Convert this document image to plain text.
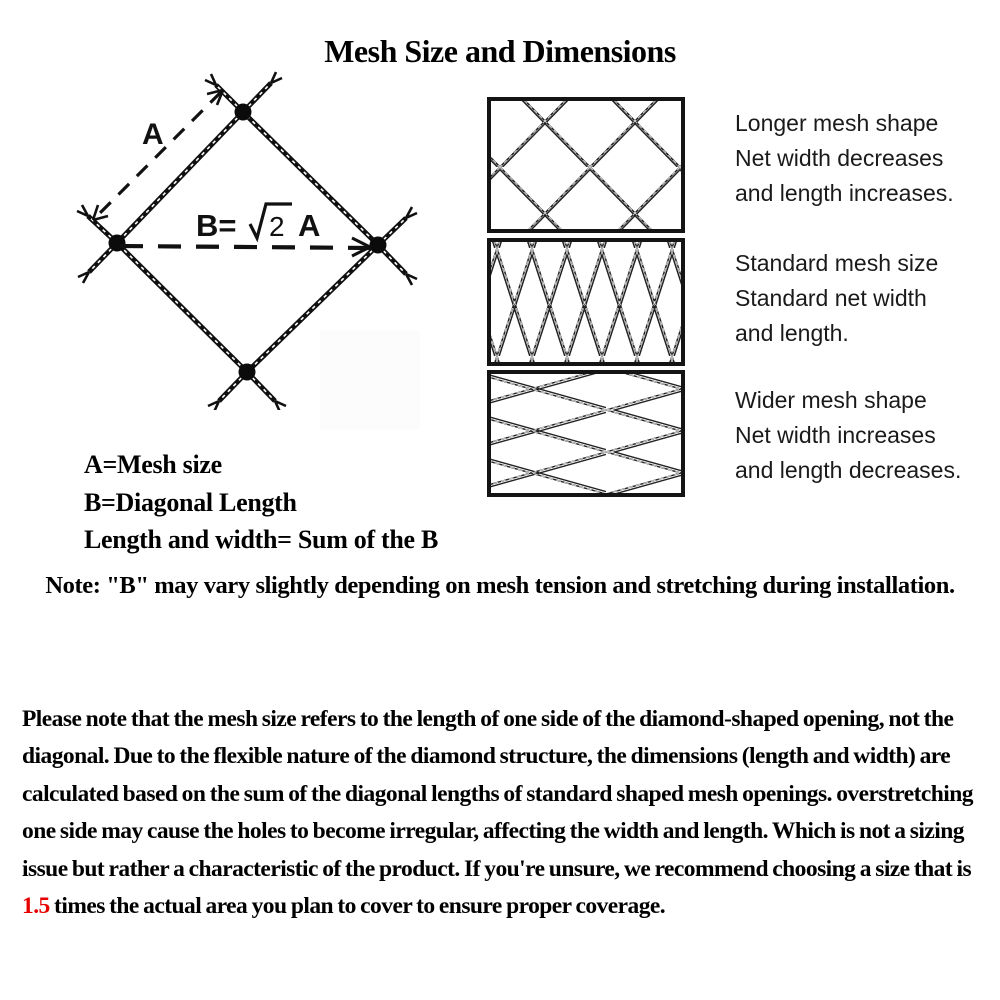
Mesh Size and Dimensions
A
B= 2 A
Longer mesh shape
Net width decreases
and length increases.
Standard mesh size
Standard net width
and length.
Wider mesh shape
Net width increases
and length decreases.
A=Mesh size
B=Diagonal Length
Length and width= Sum of the B
Note: "B" may vary slightly depending on mesh tension and stretching during installation.

Please note that the mesh size refers to the length of one side of the diamond-shaped opening, not the diagonal. Due to the flexible nature of the diamond structure, the dimensions (length and width) are calculated based on the sum of the diagonal lengths of standard shaped mesh openings. overstretching one side may cause the holes to become irregular, affecting the width and length. Which is not a sizing issue but rather a characteristic of the product. If you're unsure, we recommend choosing a size that is 1.5 times the actual area you plan to cover to ensure proper coverage.
